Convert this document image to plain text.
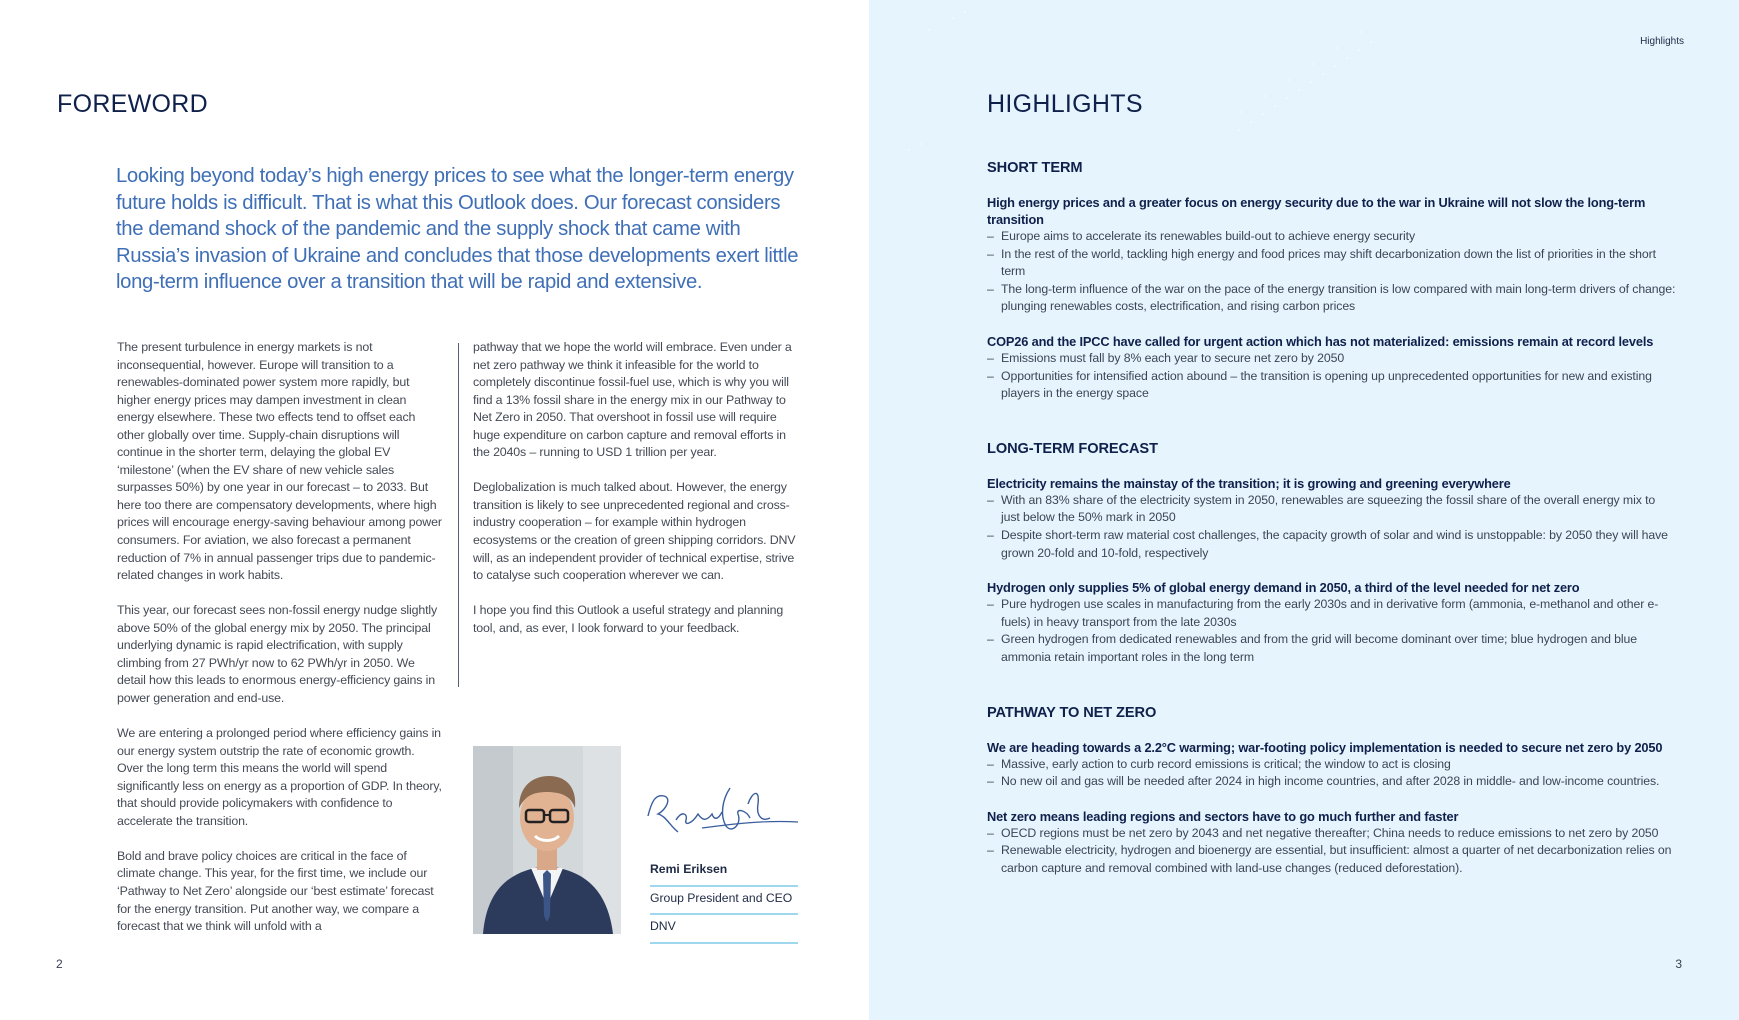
FOREWORD

Looking beyond today’s high energy prices to see what the longer-term energy future holds is difficult. That is what this Outlook does. Our forecast considers the demand shock of the pandemic and the supply shock that came with Russia’s invasion of Ukraine and concludes that those developments exert little long-term influence over a transition that will be rapid and extensive.

The present turbulence in energy markets is not inconsequential, however. Europe will transition to a renewables-dominated power system more rapidly, but higher energy prices may dampen investment in clean energy elsewhere. These two effects tend to offset each other globally over time. Supply-chain disruptions will continue in the shorter term, delaying the global EV ‘milestone’ (when the EV share of new vehicle sales surpasses 50%) by one year in our forecast – to 2033. But here too there are compensatory developments, where high prices will encourage energy-saving behaviour among power consumers. For aviation, we also forecast a permanent reduction of 7% in annual passenger trips due to pandemic-related changes in work habits.

This year, our forecast sees non-fossil energy nudge slightly above 50% of the global energy mix by 2050. The principal underlying dynamic is rapid electrification, with supply climbing from 27 PWh/yr now to 62 PWh/yr in 2050. We detail how this leads to enormous energy-efficiency gains in power generation and end-use.

We are entering a prolonged period where efficiency gains in our energy system outstrip the rate of economic growth. Over the long term this means the world will spend significantly less on energy as a proportion of GDP. In theory, that should provide policymakers with confidence to accelerate the transition.

Bold and brave policy choices are critical in the face of climate change. This year, for the first time, we include our ‘Pathway to Net Zero’ alongside our ‘best estimate’ forecast for the energy transition. Put another way, we compare a forecast that we think will unfold with a

pathway that we hope the world will embrace. Even under a net zero pathway we think it infeasible for the world to completely discontinue fossil-fuel use, which is why you will find a 13% fossil share in the energy mix in our Pathway to Net Zero in 2050. That overshoot in fossil use will require huge expenditure on carbon capture and removal efforts in the 2040s – running to USD 1 trillion per year.

Deglobalization is much talked about. However, the energy transition is likely to see unprecedented regional and cross-industry cooperation – for example within hydrogen ecosystems or the creation of green shipping corridors. DNV will, as an independent provider of technical expertise, strive to catalyse such cooperation wherever we can.

I hope you find this Outlook a useful strategy and planning tool, and, as ever, I look forward to your feedback.

Remi Eriksen
Group President and CEO
DNV
2
Highlights
HIGHLIGHTS
3
SHORT TERM
High energy prices and a greater focus on energy security due to the war in Ukraine will not slow the long-term transition
– Europe aims to accelerate its renewables build-out to achieve energy security
– In the rest of the world, tackling high energy and food prices may shift decarbonization down the list of priorities in the short term
– The long-term influence of the war on the pace of the energy transition is low compared with main long-term drivers of change: plunging renewables costs, electrification, and rising carbon prices
COP26 and the IPCC have called for urgent action which has not materialized: emissions remain at record levels
– Emissions must fall by 8% each year to secure net zero by 2050
– Opportunities for intensified action abound – the transition is opening up unprecedented opportunities for new and existing players in the energy space
LONG-TERM FORECAST
Electricity remains the mainstay of the transition; it is growing and greening everywhere
– With an 83% share of the electricity system in 2050, renewables are squeezing the fossil share of the overall energy mix to just below the 50% mark in 2050
– Despite short-term raw material cost challenges, the capacity growth of solar and wind is unstoppable: by 2050 they will have grown 20-fold and 10-fold, respectively
Hydrogen only supplies 5% of global energy demand in 2050, a third of the level needed for net zero
– Pure hydrogen use scales in manufacturing from the early 2030s and in derivative form (ammonia, e-methanol and other e-fuels) in heavy transport from the late 2030s
– Green hydrogen from dedicated renewables and from the grid will become dominant over time; blue hydrogen and blue ammonia retain important roles in the long term
PATHWAY TO NET ZERO
We are heading towards a 2.2°C warming; war-footing policy implementation is needed to secure net zero by 2050
– Massive, early action to curb record emissions is critical; the window to act is closing
– No new oil and gas will be needed after 2024 in high income countries, and after 2028 in middle- and low-income countries.
Net zero means leading regions and sectors have to go much further and faster
– OECD regions must be net zero by 2043 and net negative thereafter; China needs to reduce emissions to net zero by 2050
– Renewable electricity, hydrogen and bioenergy are essential, but insufficient: almost a quarter of net decarbonization relies on carbon capture and removal combined with land-use changes (reduced deforestation).
